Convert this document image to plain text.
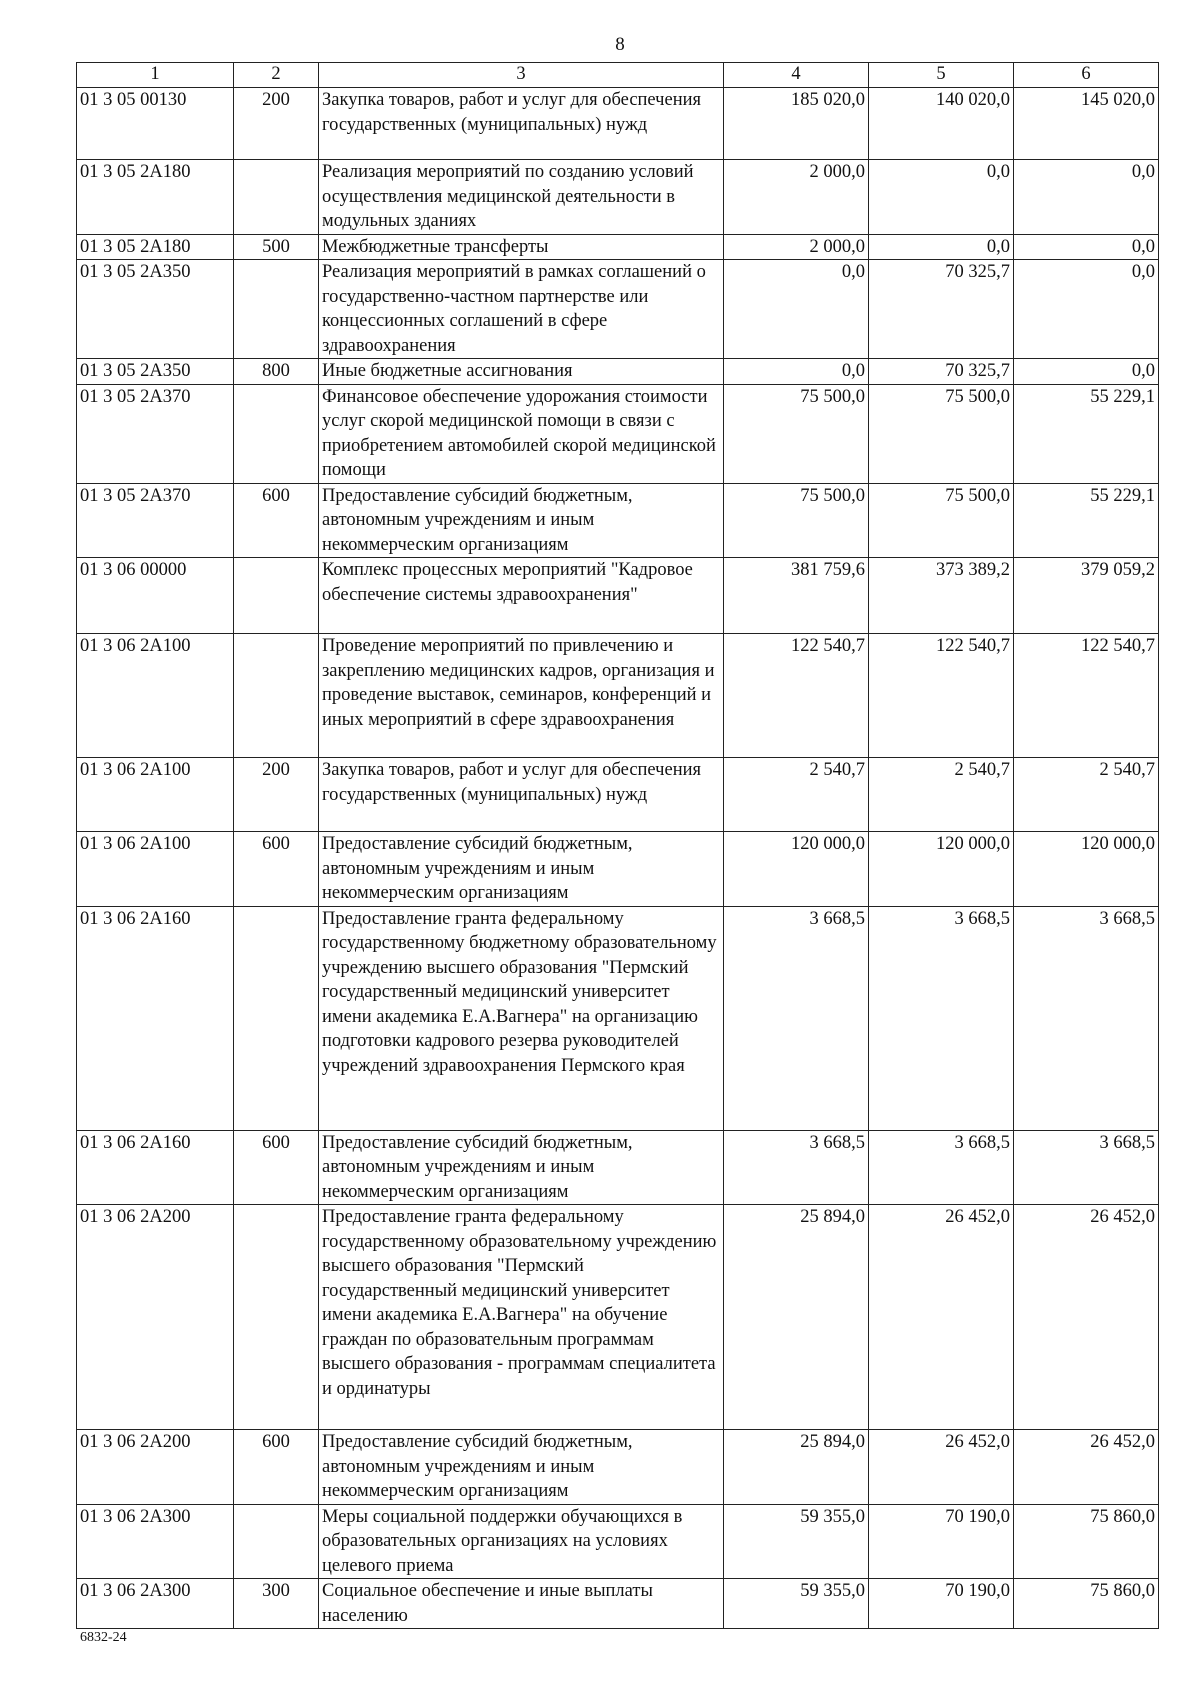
8
1	2	3	4	5	6
01 3 05 00130	200	Закупка товаров, работ и услуг для обеспечения государственных (муниципальных) нужд	185 020,0	140 020,0	145 020,0
01 3 05 2А180		Реализация мероприятий по созданию условий осуществления медицинской деятельности в модульных зданиях	2 000,0	0,0	0,0
01 3 05 2А180	500	Межбюджетные трансферты	2 000,0	0,0	0,0
01 3 05 2А350		Реализация мероприятий в рамках соглашений о государственно-частном партнерстве или концессионных соглашений в сфере здравоохранения	0,0	70 325,7	0,0
01 3 05 2А350	800	Иные бюджетные ассигнования	0,0	70 325,7	0,0
01 3 05 2А370		Финансовое обеспечение удорожания стоимости услуг скорой медицинской помощи в связи с приобретением автомобилей скорой медицинской помощи	75 500,0	75 500,0	55 229,1
01 3 05 2А370	600	Предоставление субсидий бюджетным, автономным учреждениям и иным некоммерческим организациям	75 500,0	75 500,0	55 229,1
01 3 06 00000		Комплекс процессных мероприятий "Кадровое обеспечение системы здравоохранения"	381 759,6	373 389,2	379 059,2
01 3 06 2А100		Проведение мероприятий по привлечению и закреплению медицинских кадров, организация и проведение выставок, семинаров, конференций и иных мероприятий в сфере здравоохранения	122 540,7	122 540,7	122 540,7
01 3 06 2А100	200	Закупка товаров, работ и услуг для обеспечения государственных (муниципальных) нужд	2 540,7	2 540,7	2 540,7
01 3 06 2А100	600	Предоставление субсидий бюджетным, автономным учреждениям и иным некоммерческим организациям	120 000,0	120 000,0	120 000,0
01 3 06 2А160		Предоставление гранта федеральному государственному бюджетному образовательному учреждению высшего образования "Пермский государственный медицинский университет имени академика Е.А.Вагнера" на организацию подготовки кадрового резерва руководителей учреждений здравоохранения Пермского края	3 668,5	3 668,5	3 668,5
01 3 06 2А160	600	Предоставление субсидий бюджетным, автономным учреждениям и иным некоммерческим организациям	3 668,5	3 668,5	3 668,5
01 3 06 2А200		Предоставление гранта федеральному государственному образовательному учреждению высшего образования "Пермский государственный медицинский университет имени академика Е.А.Вагнера" на обучение граждан по образовательным программам высшего образования - программам специалитета и ординатуры	25 894,0	26 452,0	26 452,0
01 3 06 2А200	600	Предоставление субсидий бюджетным, автономным учреждениям и иным некоммерческим организациям	25 894,0	26 452,0	26 452,0
01 3 06 2А300		Меры социальной поддержки обучающихся в образовательных организациях на условиях целевого приема	59 355,0	70 190,0	75 860,0
01 3 06 2А300	300	Социальное обеспечение и иные выплаты населению	59 355,0	70 190,0	75 860,0
6832-24
